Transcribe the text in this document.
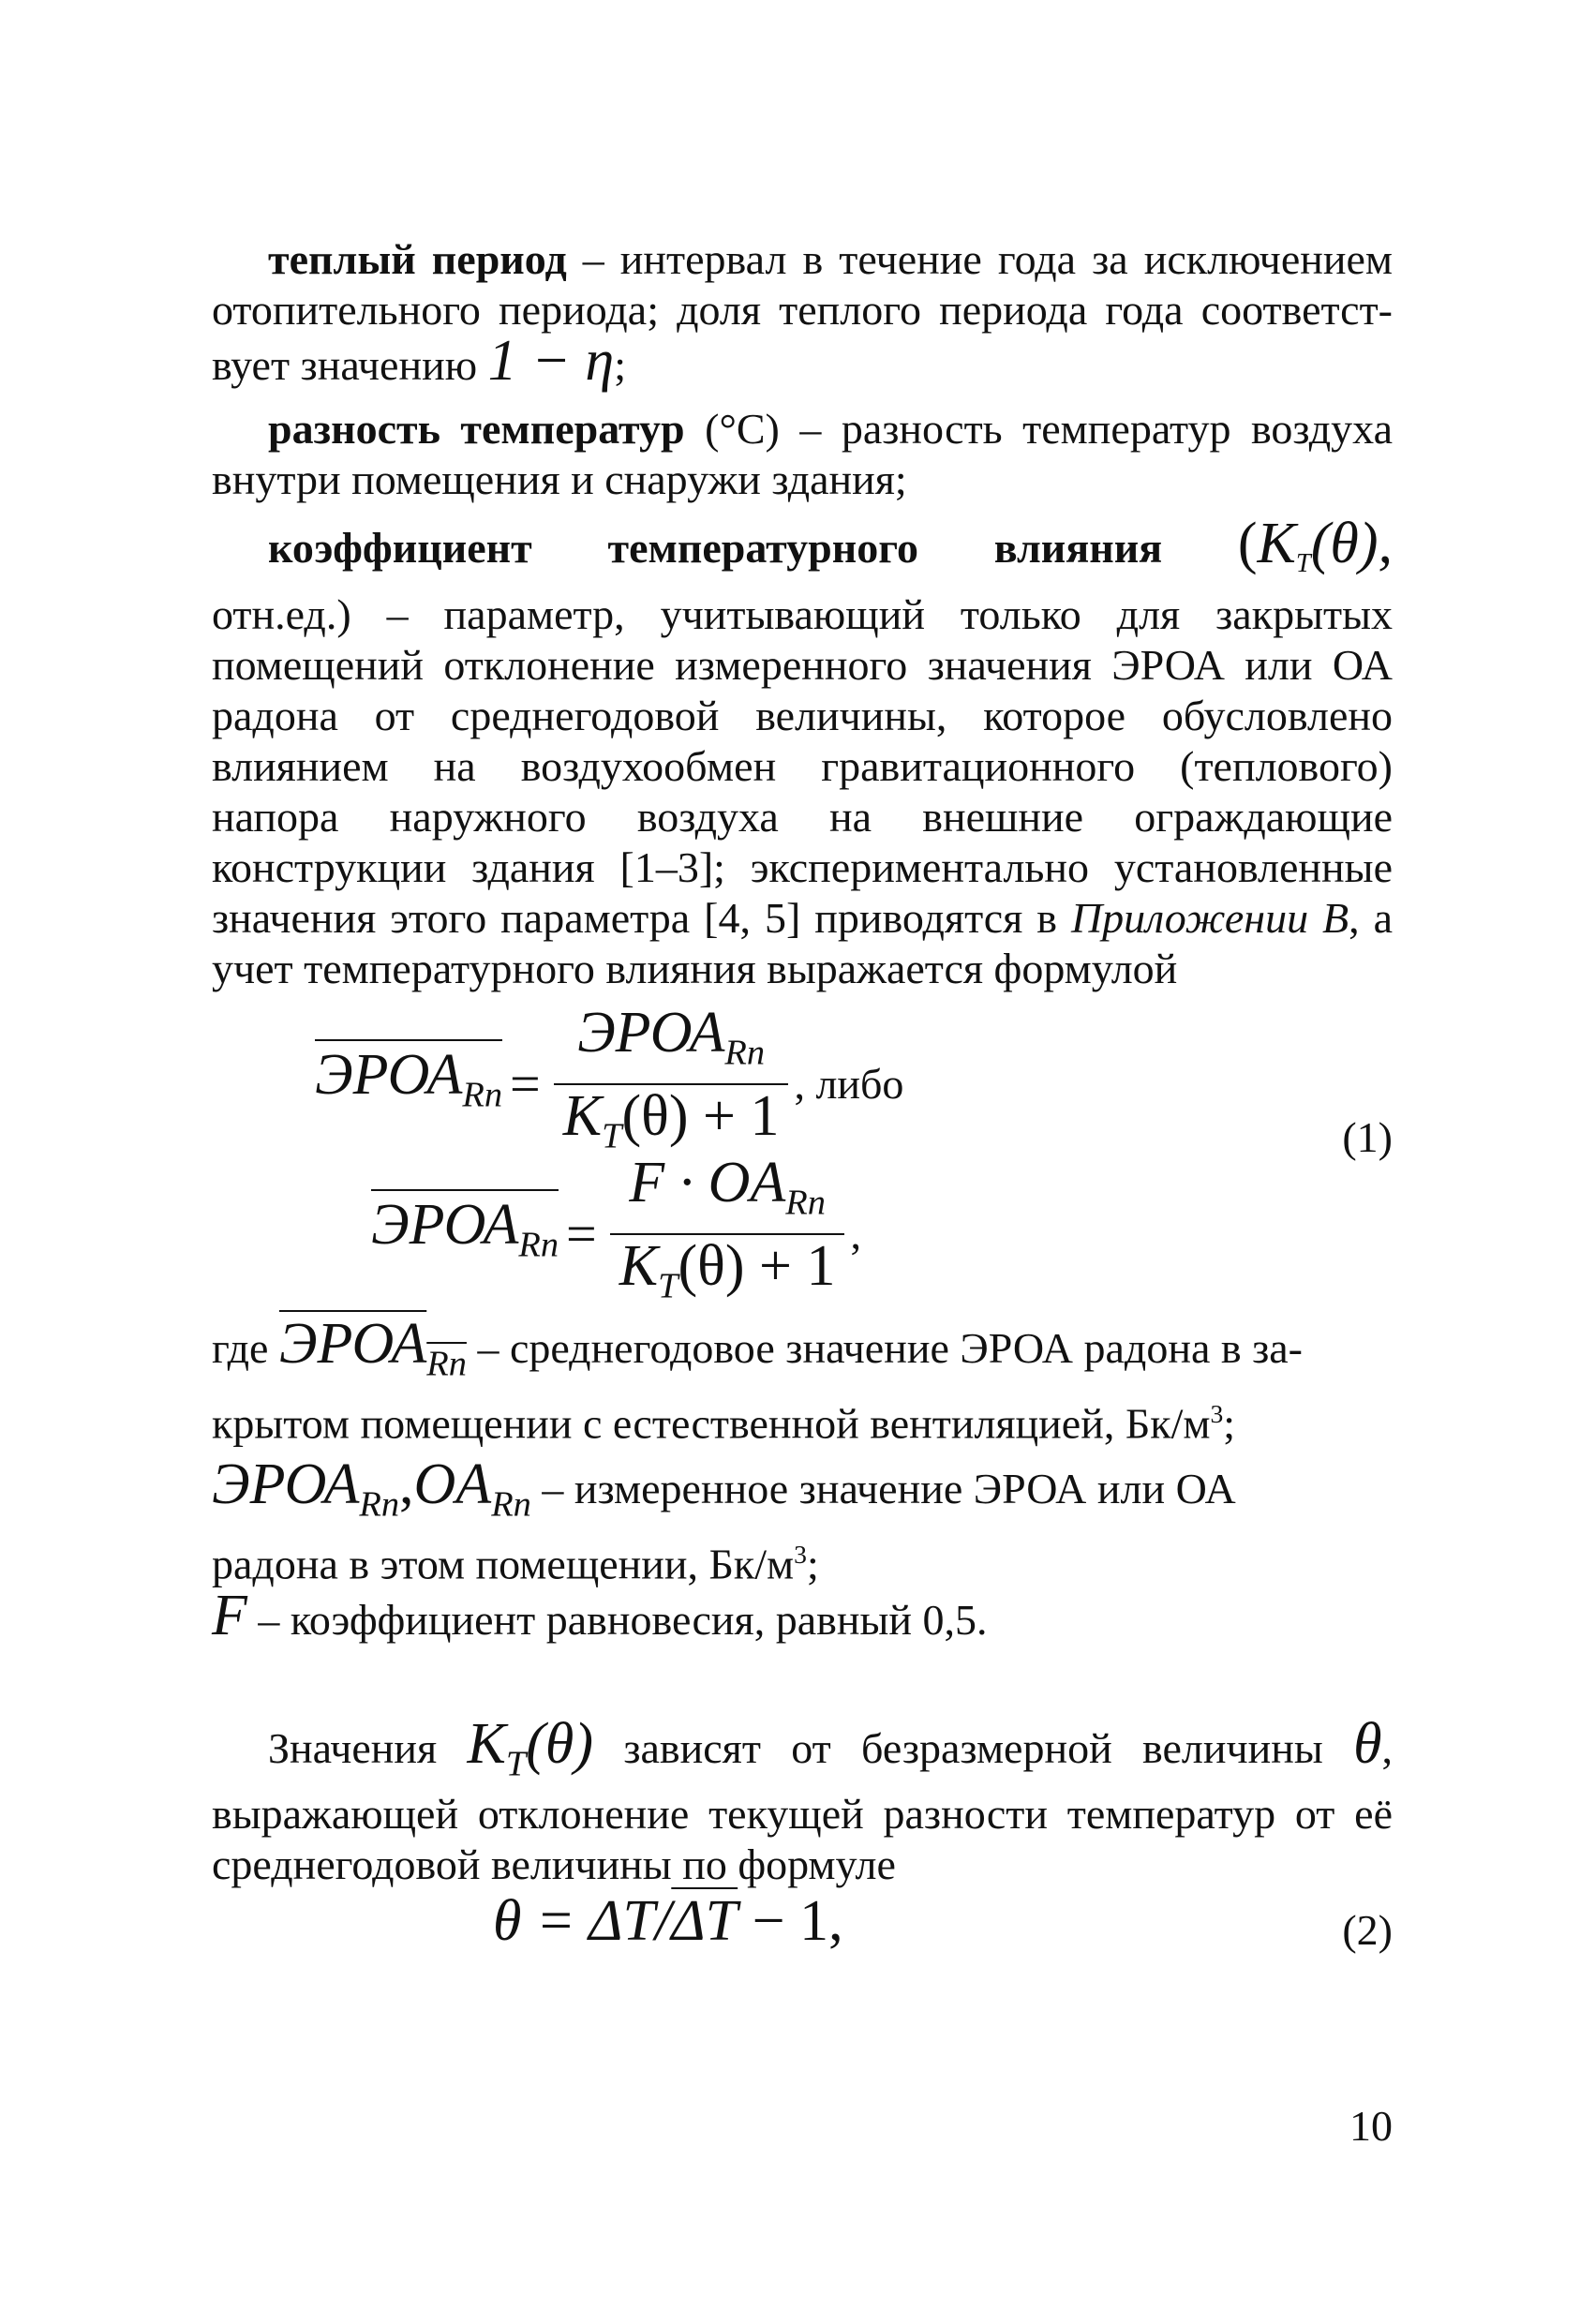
теплый период – интервал в течение года за исключением отопительного периода; доля теплого периода года соответст-вует значению 1 − η;

разность температур (°С) – разность температур воздуха внутри помещения и снаружи здания;

коэффициент температурного влияния ($K_T(\theta)$,

отн.ед.) – параметр, учитывающий только для закрытых помещений отклонение измеренного значения ЭРОА или ОА радона от среднегодовой величины, которое обусловлено влиянием на воздухообмен гравитационного (теплового) напора наружного воздуха на внешние ограждающие конструкции здания [1–3]; экспериментально установленные значения этого параметра [4, 5] приводятся в Приложении В, а учет температурного влияния выражается формулой

$ЭРОА_{Rn} = \frac{ЭРОА_{Rn}}{K_T(\theta) + 1}$ , либо
$ЭРОА_{Rn} = \frac{F \cdot OA_{Rn}}{K_T(\theta) + 1}$ ,
(1)

где $ЭРОА_{Rn}$ – среднегодовое значение ЭРОА радона в за-
крытом помещении с естественной вентиляцией, $Бк/м^3$;

$ЭРОА_{Rn},OA_{Rn}$ – измеренное значение ЭРОА или ОА
радона в этом помещении, $Бк/м^3$;

F – коэффициент равновесия, равный 0,5.

Значения $K_T(\theta)$ зависят от безразмерной величины θ, выражающей отклонение текущей разности температур от её среднегодовой величины по формуле

$\theta = \Delta T/\overline{\Delta T} - 1$,	(2)
10
